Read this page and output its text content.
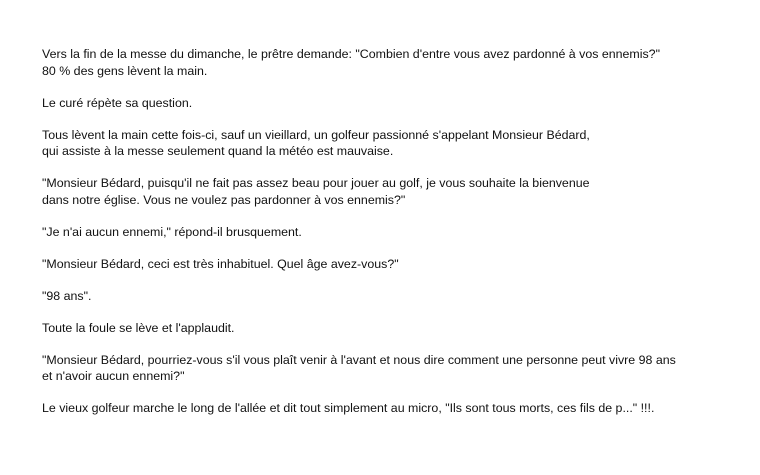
Vers la fin de la messe du dimanche, le prêtre demande: "Combien d'entre vous avez pardonné à vos ennemis?"
80 % des gens lèvent la main.

Le curé répète sa question.

Tous lèvent la main cette fois-ci, sauf un vieillard, un golfeur passionné s'appelant Monsieur Bédard,
qui assiste à la messe seulement quand la météo est mauvaise.

"Monsieur Bédard, puisqu'il ne fait pas assez beau pour jouer au golf, je vous souhaite la bienvenue
dans notre église. Vous ne voulez pas pardonner à vos ennemis?"

"Je n'ai aucun ennemi," répond-il brusquement.

"Monsieur Bédard, ceci est très inhabituel. Quel âge avez-vous?"

"98 ans".

Toute la foule se lève et l'applaudit.

"Monsieur Bédard, pourriez-vous s'il vous plaît venir à l'avant et nous dire comment une personne peut vivre 98 ans
et n'avoir aucun ennemi?"

Le vieux golfeur marche le long de l'allée et dit tout simplement au micro, "Ils sont tous morts, ces fils de p..." !!!.
